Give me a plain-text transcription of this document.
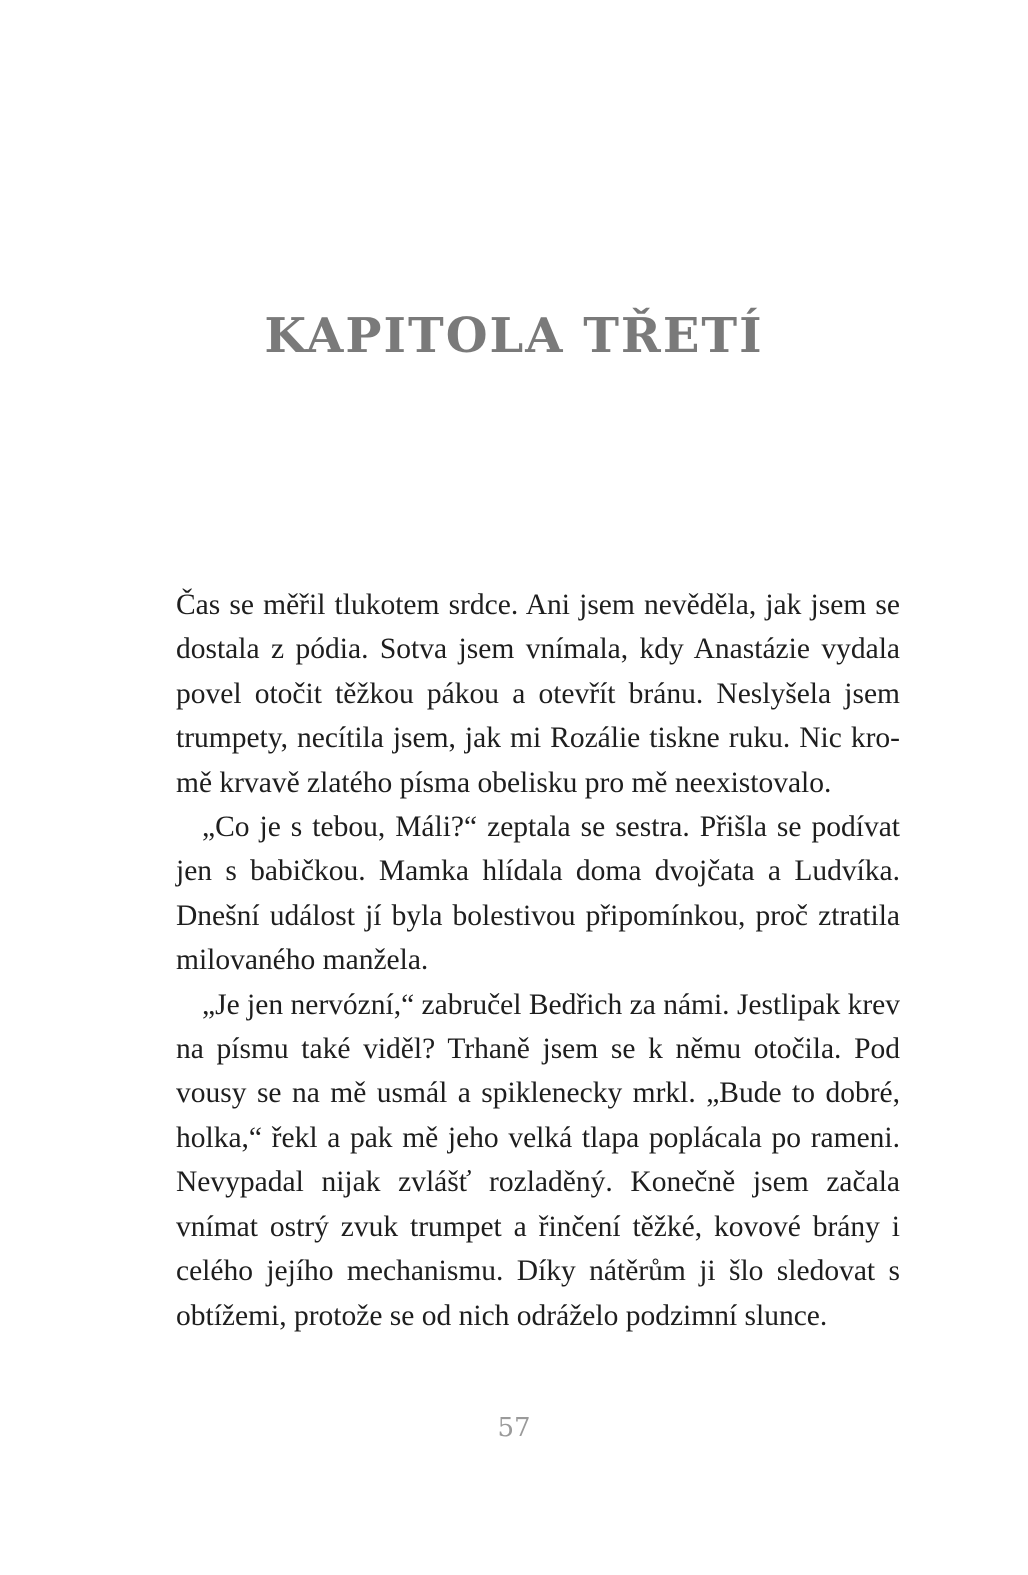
KAPITOLA TŘETÍ

Čas se měřil tlukotem srdce. Ani jsem nevěděla, jak jsem se dostala z pódia. Sotva jsem vnímala, kdy Anastázie vydala povel otočit těžkou pákou a otevřít bránu. Neslyšela jsem trumpety, necítila jsem, jak mi Rozálie tiskne ruku. Nic kromě krvavě zlatého písma obelisku pro mě neexistovalo.

„Co je s tebou, Máli?“ zeptala se sestra. Přišla se podívat jen s babičkou. Mamka hlídala doma dvojčata a Ludvíka. Dnešní událost jí byla bolestivou připomínkou, proč ztratila milovaného manžela.

„Je jen nervózní,“ zabručel Bedřich za námi. Jestlipak krev na písmu také viděl? Trhaně jsem se k němu otočila. Pod vousy se na mě usmál a spiklenecky mrkl. „Bude to dobré, holka,“ řekl a pak mě jeho velká tlapa poplácala po rameni. Nevypadal nijak zvlášť rozladěný. Konečně jsem začala vnímat ostrý zvuk trumpet a řinčení těžké, kovové brány i celého jejího mechanismu. Díky nátěrům ji šlo sledovat s obtížemi, protože se od nich odráželo podzimní slunce.

57
